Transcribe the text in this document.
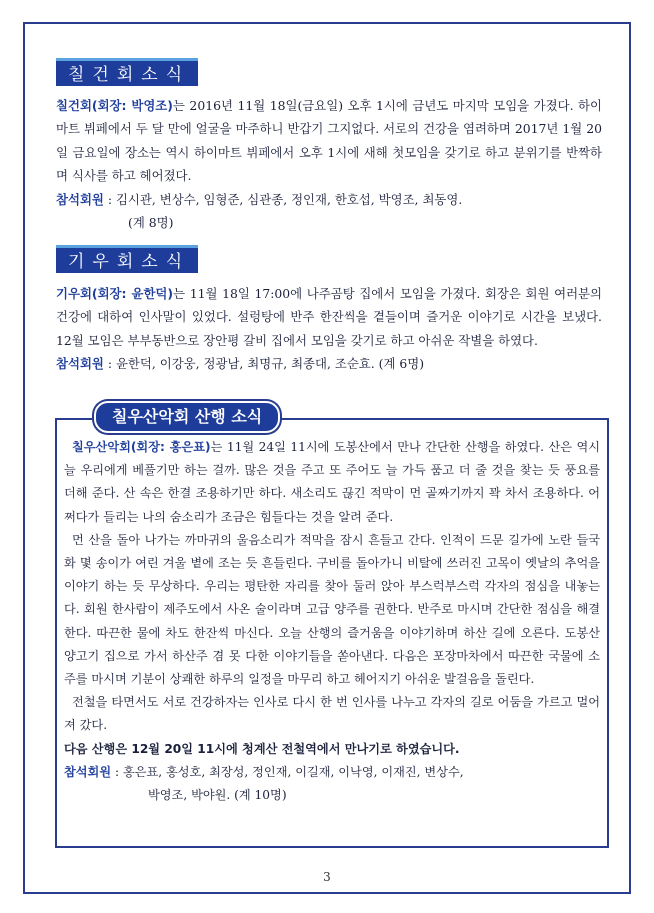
칠건회소식

칠건회(회장: 박영조)는 2016년 11월 18일(금요일) 오후 1시에 금년도 마지막 모임을 가졌다. 하이마트 뷔페에서 두 달 만에 얼굴을 마주하니 반갑기 그지없다. 서로의 건강을 염려하며 2017년 1월 20일 금요일에 장소는 역시 하이마트 뷔페에서 오후 1시에 새해 첫모임을 갖기로 하고 분위기를 반짝하며 식사를 하고 헤어졌다.

참석회원 : 김시관, 변상수, 임형준, 심관종, 정인재, 한호섭, 박영조, 최동영.

(계 8명)

기우회소식

기우회(회장: 윤한덕)는 11월 18일 17:00에 나주곰탕 집에서 모임을 가졌다. 회장은 회원 여러분의 건강에 대하여 인사말이 있었다. 설렁탕에 반주 한잔씩을 곁들이며 즐거운 이야기로 시간을 보냈다. 12월 모임은 부부동반으로 장안평 갈비 집에서 모임을 갖기로 하고 아쉬운 작별을 하였다.

참석회원 : 윤한덕, 이강웅, 정광남, 최명규, 최종대, 조순효. (계 6명)

칠우산악회 산행 소식

칠우산악회(회장: 홍은표)는 11월 24일 11시에 도봉산에서 만나 간단한 산행을 하였다. 산은 역시 늘 우리에게 베풀기만 하는 걸까. 많은 것을 주고 또 주어도 늘 가득 품고 더 줄 것을 찾는 듯 풍요를 더해 준다. 산 속은 한결 조용하기만 하다. 새소리도 끊긴 적막이 먼 골짜기까지 꽉 차서 조용하다. 어쩌다가 들리는 나의 숨소리가 조금은 힘들다는 것을 알려 준다.

먼 산을 돌아 나가는 까마귀의 울음소리가 적막을 잠시 흔들고 간다. 인적이 드문 길가에 노란 들국화 몇 송이가 여린 겨울 볕에 조는 듯 흔들린다. 구비를 돌아가니 비탈에 쓰러진 고목이 옛날의 추억을 이야기 하는 듯 무상하다. 우리는 평탄한 자리를 찾아 둘러 앉아 부스럭부스럭 각자의 점심을 내놓는다. 회원 한사람이 제주도에서 사온 술이라며 고급 양주를 권한다. 반주로 마시며 간단한 점심을 해결한다. 따끈한 물에 차도 한잔씩 마신다. 오늘 산행의 즐거움을 이야기하며 하산 길에 오른다. 도봉산 양고기 집으로 가서 하산주 겸 못 다한 이야기들을 쏟아낸다. 다음은 포장마차에서 따끈한 국물에 소주를 마시며 기분이 상쾌한 하루의 일정을 마무리 하고 헤어지기 아쉬운 발걸음을 돌린다.

전철을 타면서도 서로 건강하자는 인사로 다시 한 번 인사를 나누고 각자의 길로 어둠을 가르고 멀어져 갔다.

다음 산행은 12월 20일 11시에 청계산 전철역에서 만나기로 하였습니다.

참석회원 : 홍은표, 홍성호, 최장성, 정인재, 이길재, 이낙영, 이재진, 변상수,

박영조, 박야원. (계 10명)

3
